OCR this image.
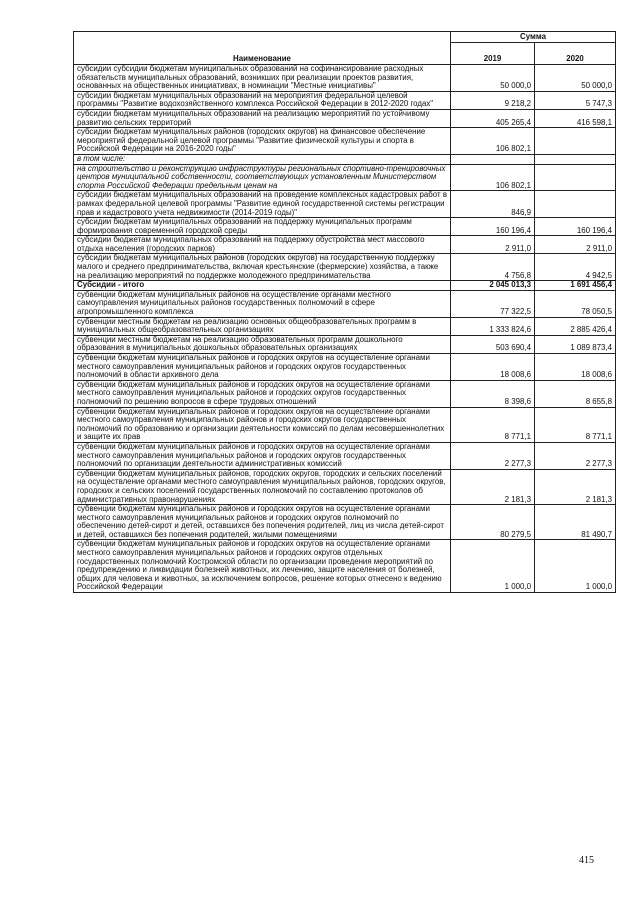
Наименование	Сумма	
	2019	2020
субсидии субсидии бюджетам муниципальных образований на софинансирование расходных обязательств муниципальных образований, возникших при реализации проектов развития, основанных на общественных инициативах, в номинации "Местные инициативы"	50 000,0	50 000,0
субсидии бюджетам муниципальных образований на мероприятия федеральной целевой программы "Развитие водохозяйственного комплекса Российской Федерации в 2012-2020 годах"	9 218,2	5 747,3
субсидии бюджетам муниципальных образований на реализацию мероприятий по устойчивому развитию сельских территорий	405 265,4	416 598,1
субсидии бюджетам муниципальных районов (городских округов) на финансовое обеспечение мероприятий федеральной целевой программы "Развитие физической культуры и спорта в Российской Федерации на 2016-2020 годы"	106 802,1	
в том числе:		
на строительство и реконструкцию инфраструктуры региональных спортивно-тренировочных центров муниципальной собственности, соответствующих установленным Министерством спорта Российской Федерации предельным ценам на	106 802,1	
субсидии бюджетам муниципальных образований на проведение комплексных кадастровых работ в рамках федеральной целевой программы "Развитие единой государственной системы регистрации прав и кадастрового учета недвижимости (2014-2019 годы)"	846,9	
субсидии бюджетам муниципальных образований на поддержку муниципальных программ формирования современной городской среды	160 196,4	160 196,4
субсидии бюджетам муниципальных образований на поддержку обустройства мест массового отдыха населения (городских парков)	2 911,0	2 911,0
субсидии бюджетам муниципальных районов (городских округов) на государственную поддержку малого и среднего предпринимательства, включая крестьянские (фермерские) хозяйства, а также на реализацию мероприятий по поддержке молодежного предпринимательства	4 756,8	4 942,5
Субсидии - итого	2 045 013,3	1 691 456,4
субвенции бюджетам муниципальных районов на осуществление органами местного самоуправления муниципальных районов государственных полномочий в сфере агропромышленного комплекса	77 322,5	78 050,5
субвенции местным бюджетам на реализацию основных общеобразовательных программ в муниципальных общеобразовательных организациях	1 333 824,6	2 885 426,4
субвенции местным бюджетам на реализацию образовательных программ дошкольного образования в муниципальных дошкольных образовательных организациях	503 690,4	1 089 873,4
субвенции бюджетам муниципальных районов и городских округов на осуществление органами местного самоуправления муниципальных районов и городских округов государственных полномочий в области архивного дела	18 008,6	18 008,6
субвенции бюджетам муниципальных районов и городских округов на осуществление органами местного самоуправления муниципальных районов и городских округов государственных полномочий по решению вопросов в сфере трудовых отношений	8 398,6	8 655,8
субвенции бюджетам муниципальных районов и городских округов на осуществление органами местного самоуправления муниципальных районов и городских округов государственных полномочий по образованию и организации деятельности комиссий по делам несовершеннолетних и защите их прав	8 771,1	8 771,1
субвенции бюджетам муниципальных районов и городских округов на осуществление органами местного самоуправления муниципальных районов и городских округов государственных полномочий по организации деятельности административных комиссий	2 277,3	2 277,3
субвенции бюджетам муниципальных районов, городских округов, городских и сельских поселений на осуществление органами местного самоуправления муниципальных районов, городских округов, городских и сельских поселений государственных полномочий по составлению протоколов об административных правонарушениях	2 181,3	2 181,3
субвенции бюджетам муниципальных районов и городских округов на осуществление органами местного самоуправления муниципальных районов и городских округов полномочий по обеспечению детей-сирот и детей, оставшихся без попечения родителей, лиц из числа детей-сирот и детей, оставшихся без попечения родителей, жилыми помещениями	80 279,5	81 490,7
субвенции бюджетам муниципальных районов и городских округов на осуществление органами местного самоуправления муниципальных районов и городских округов отдельных государственных полномочий Костромской области по организации проведения мероприятий по предупреждению и ликвидации болезней животных, их лечению, защите населения от болезней, общих для человека и животных, за исключением вопросов, решение которых отнесено к ведению Российской Федерации	1 000,0	1 000,0
415
